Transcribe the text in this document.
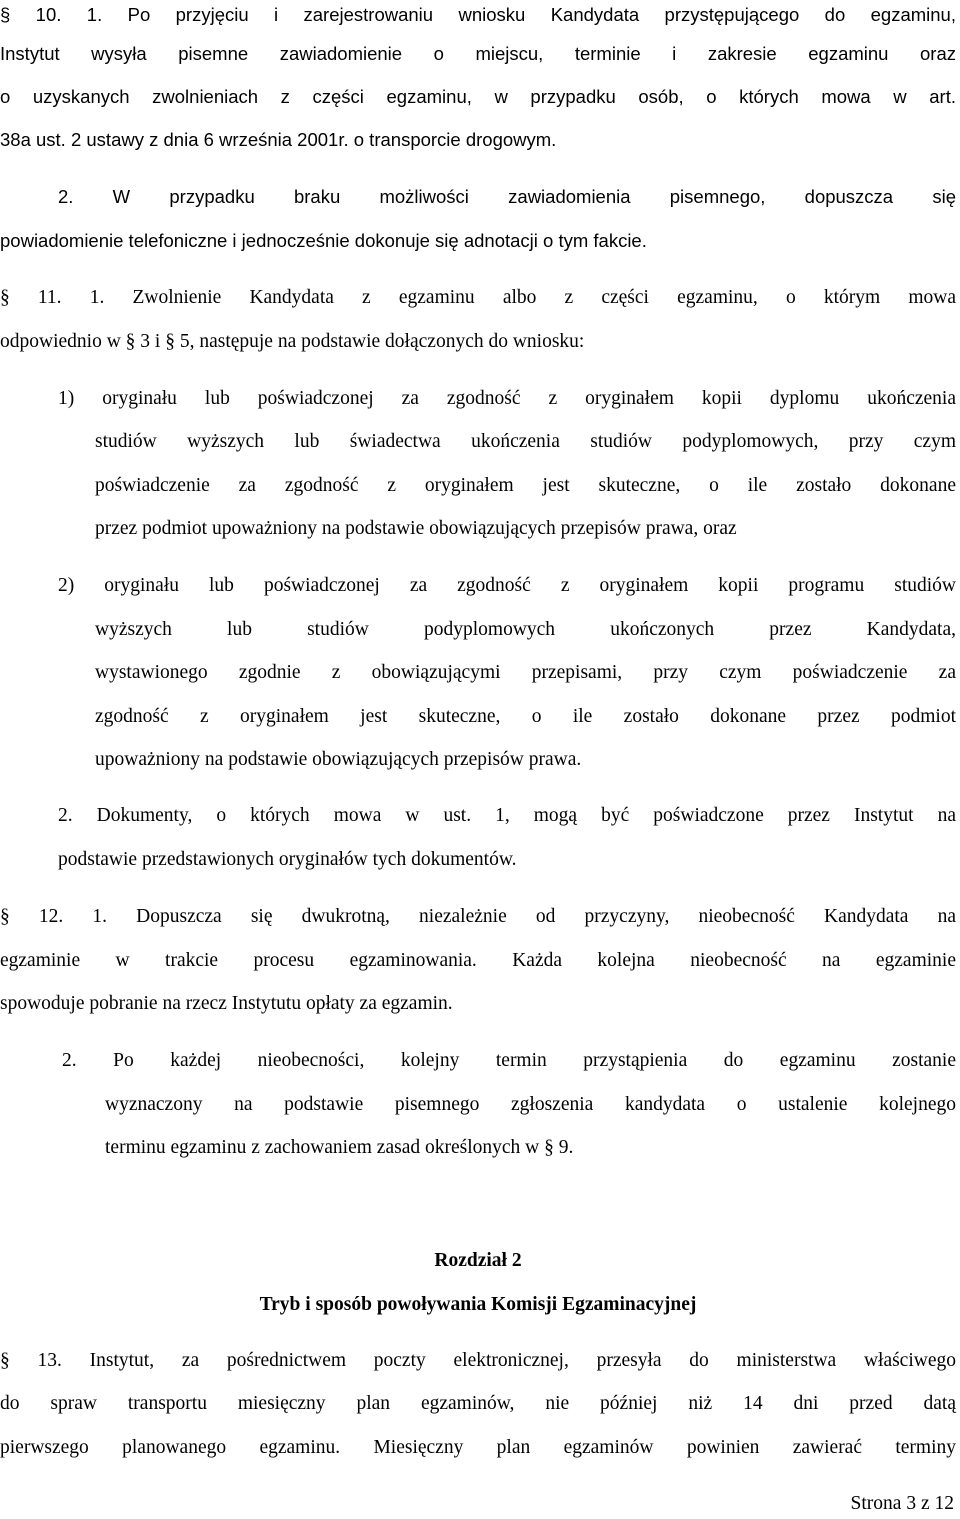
§ 10. 1. Po przyjęciu i zarejestrowaniu wniosku Kandydata przystępującego do egzaminu,
Instytut wysyła pisemne zawiadomienie o miejscu, terminie i zakresie egzaminu oraz
o uzyskanych zwolnieniach z części egzaminu, w przypadku osób, o których mowa w art.
38a ust. 2 ustawy z dnia 6 września 2001r. o transporcie drogowym.
2. W przypadku braku możliwości zawiadomienia pisemnego, dopuszcza się
powiadomienie telefoniczne i jednocześnie dokonuje się adnotacji o tym fakcie.
§ 11. 1. Zwolnienie Kandydata z egzaminu albo z części egzaminu, o którym mowa
odpowiednio w § 3 i § 5, następuje na podstawie dołączonych do wniosku:
1) oryginału lub poświadczonej za zgodność z oryginałem kopii dyplomu ukończenia
studiów wyższych lub świadectwa ukończenia studiów podyplomowych, przy czym
poświadczenie za zgodność z oryginałem jest skuteczne, o ile zostało dokonane
przez podmiot upoważniony na podstawie obowiązujących przepisów prawa, oraz
2) oryginału lub poświadczonej za zgodność z oryginałem kopii programu studiów
wyższych lub studiów podyplomowych ukończonych przez Kandydata,
wystawionego zgodnie z obowiązującymi przepisami, przy czym poświadczenie za
zgodność z oryginałem jest skuteczne, o ile zostało dokonane przez podmiot
upoważniony na podstawie obowiązujących przepisów prawa.
2. Dokumenty, o których mowa w ust. 1, mogą być poświadczone przez Instytut na
podstawie przedstawionych oryginałów tych dokumentów.
§ 12. 1. Dopuszcza się dwukrotną, niezależnie od przyczyny, nieobecność Kandydata na
egzaminie w trakcie procesu egzaminowania. Każda kolejna nieobecność na egzaminie
spowoduje pobranie na rzecz Instytutu opłaty za egzamin.
2. Po każdej nieobecności, kolejny termin przystąpienia do egzaminu zostanie
wyznaczony na podstawie pisemnego zgłoszenia kandydata o ustalenie kolejnego
terminu egzaminu z zachowaniem zasad określonych w § 9.
Rozdział 2
Tryb i sposób powoływania Komisji Egzaminacyjnej
§ 13. Instytut, za pośrednictwem poczty elektronicznej, przesyła do ministerstwa właściwego
do spraw transportu miesięczny plan egzaminów, nie później niż 14 dni przed datą
pierwszego planowanego egzaminu. Miesięczny plan egzaminów powinien zawierać terminy
Strona 3 z 12
